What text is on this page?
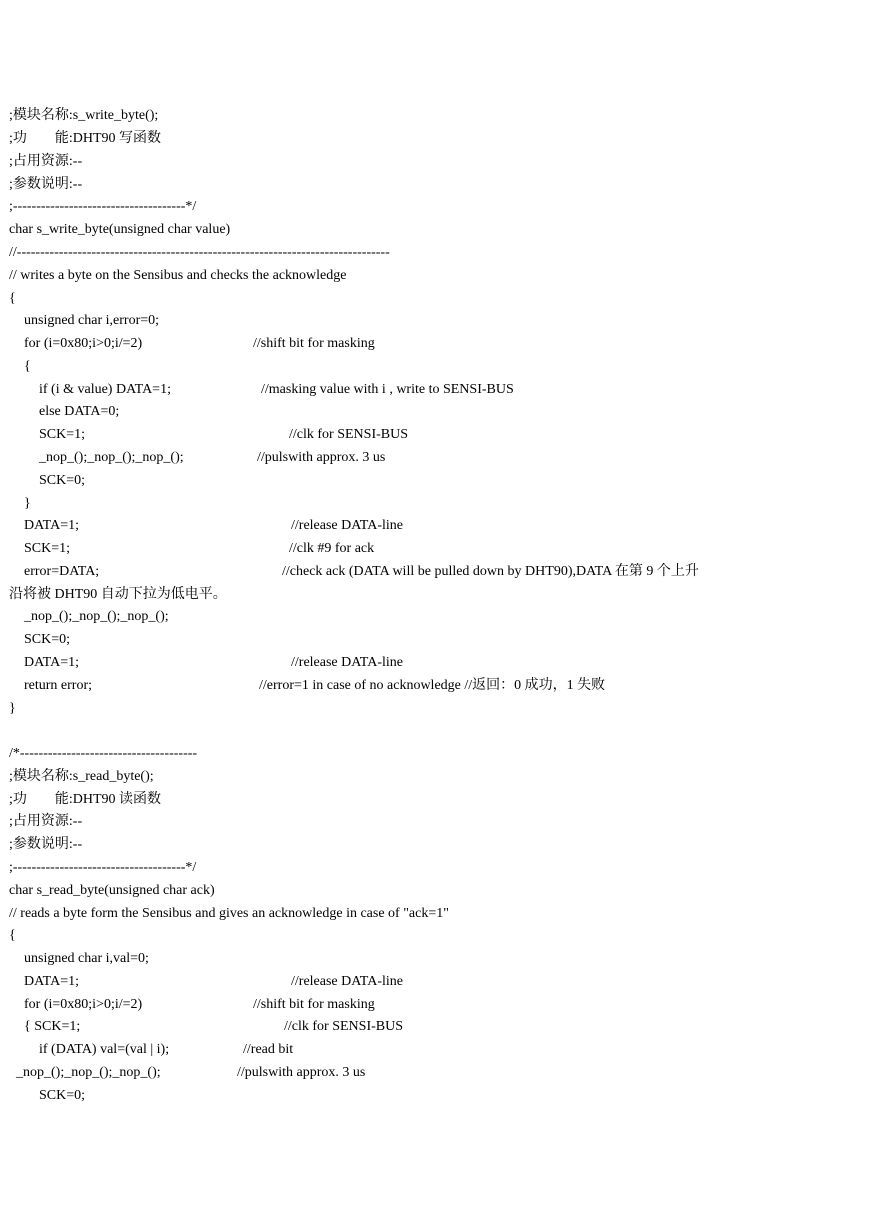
;模块名称:s_write_byte();
;功　　能:DHT90 写函数
;占用资源:--
;参数说明:--
;-------------------------------------*/
char s_write_byte(unsigned char value)
//--------------------------------------------------------------------------------
// writes a byte on the Sensibus and checks the acknowledge
{
unsigned char i,error=0;
for (i=0x80;i>0;i/=2)	//shift bit for masking
{
if (i & value) DATA=1;	//masking value with i , write to SENSI-BUS
else DATA=0;
SCK=1;	//clk for SENSI-BUS
_nop_();_nop_();_nop_();	//pulswith approx. 3 us
SCK=0;
}
DATA=1;	//release DATA-line
SCK=1;	//clk #9 for ack
error=DATA;	//check ack (DATA will be pulled down by DHT90),DATA 在第 9 个上升
沿将被 DHT90 自动下拉为低电平。
_nop_();_nop_();_nop_();
SCK=0;
DATA=1;	//release DATA-line
return error;	//error=1 in case of no acknowledge //返回：0 成功，1 失败
}
/*--------------------------------------
;模块名称:s_read_byte();
;功　　能:DHT90 读函数
;占用资源:--
;参数说明:--
;-------------------------------------*/
char s_read_byte(unsigned char ack)
// reads a byte form the Sensibus and gives an acknowledge in case of "ack=1"
{
unsigned char i,val=0;
DATA=1;	//release DATA-line
for (i=0x80;i>0;i/=2)	//shift bit for masking
{ SCK=1;	//clk for SENSI-BUS
if (DATA) val=(val | i);	//read bit
_nop_();_nop_();_nop_();	//pulswith approx. 3 us
SCK=0;
